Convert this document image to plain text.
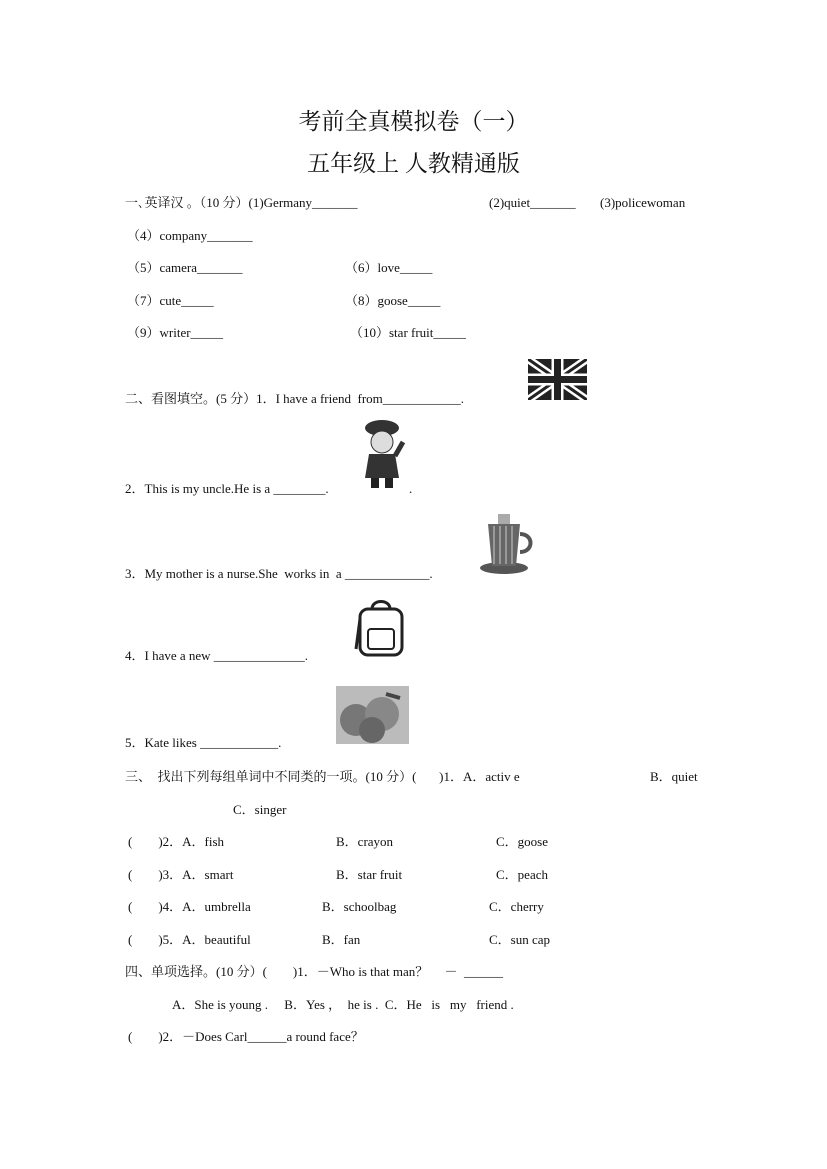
考前全真模拟卷（一）
五年级上 人教精通版
一､英译汉 。（10 分）(1)Germany_______	(2)quiet_______ (3)policewoman
（4）company_______
（5）camera_______	（6）love_____
（7）cute_____	（8）goose_____
（9）writer_____	（10）star fruit_____
二、看图填空。(5 分）1．I have a friend  from____________.
2．This is my uncle.He is a ________.	.
3．My mother is a nurse.She  works in  a _____________.
4．I have a new ______________.
5．Kate likes ____________.
三、  找出下列每组单词中不同类的一项。(10 分）(       )1．A．activ e	B．quiet
C．singer
(        )2．A．fish	B．crayon	C．goose
(        )3．A．smart	B．star fruit	C．peach
(        )4．A．umbrella	B．schoolbag	C．cherry
(        )5．A．beautiful	B．fan	C．sun cap
四、单项选择。(10 分）(        )1．－Who is that man？     －  ______
A．She is young .     B．Yes ，  he is .  C．He   is   my   friend .
(        )2．－Does Carl______a round face？
